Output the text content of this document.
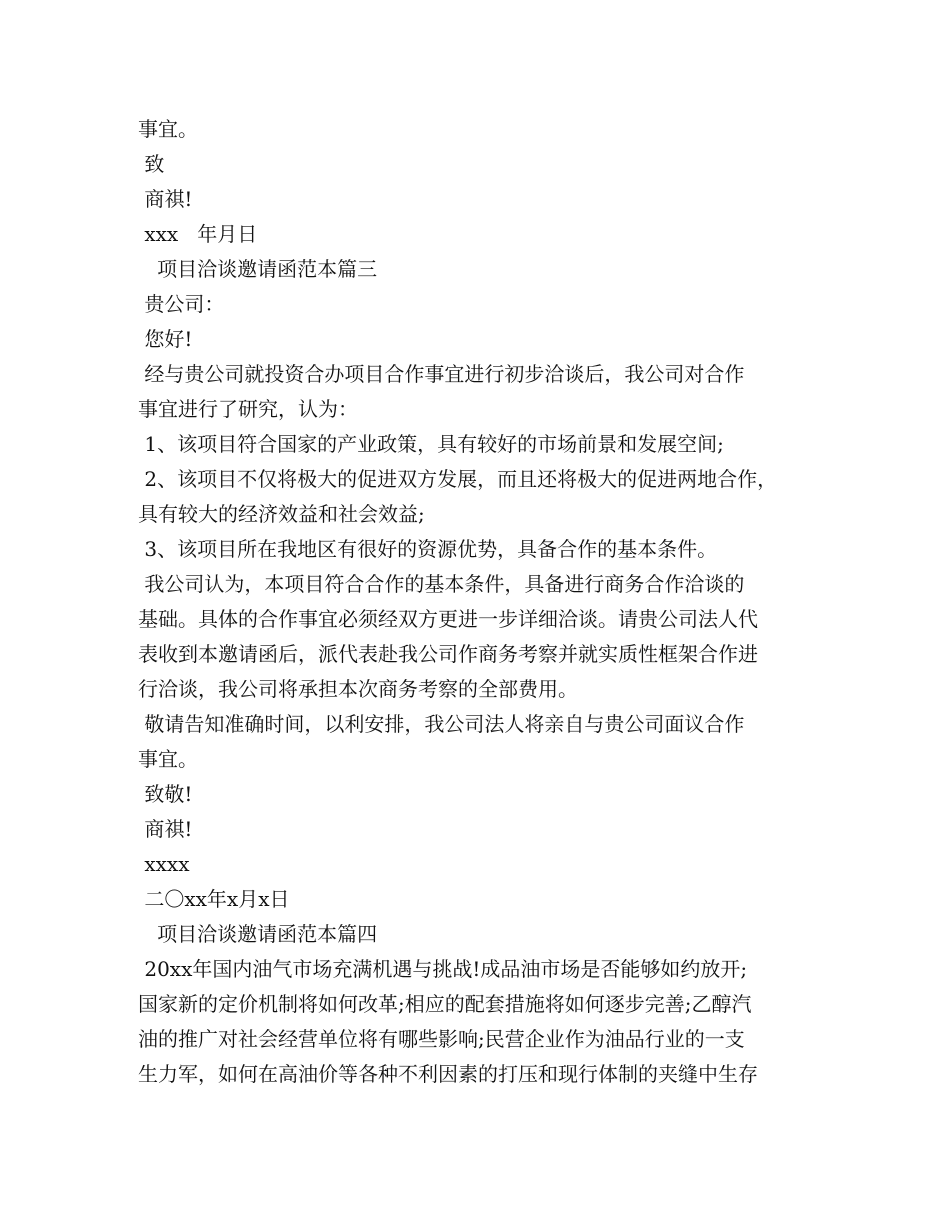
事宜。

致

商祺!

xxx   年月日

项目洽谈邀请函范本篇三

贵公司：

您好!

经与贵公司就投资合办项目合作事宜进行初步洽谈后，我公司对合作

事宜进行了研究，认为：

1、该项目符合国家的产业政策，具有较好的市场前景和发展空间;

2、该项目不仅将极大的促进双方发展，而且还将极大的促进两地合作，

具有较大的经济效益和社会效益;

3、该项目所在我地区有很好的资源优势，具备合作的基本条件。

我公司认为，本项目符合合作的基本条件，具备进行商务合作洽谈的

基础。具体的合作事宜必须经双方更进一步详细洽谈。请贵公司法人代

表收到本邀请函后，派代表赴我公司作商务考察并就实质性框架合作进

行洽谈，我公司将承担本次商务考察的全部费用。

敬请告知准确时间，以利安排，我公司法人将亲自与贵公司面议合作

事宜。

致敬!

商祺!

xxxx

二〇xx年x月x日

项目洽谈邀请函范本篇四

20xx年国内油气市场充满机遇与挑战!成品油市场是否能够如约放开;

国家新的定价机制将如何改革;相应的配套措施将如何逐步完善;乙醇汽

油的推广对社会经营单位将有哪些影响;民营企业作为油品行业的一支

生力军，如何在高油价等各种不利因素的打压和现行体制的夹缝中生存
